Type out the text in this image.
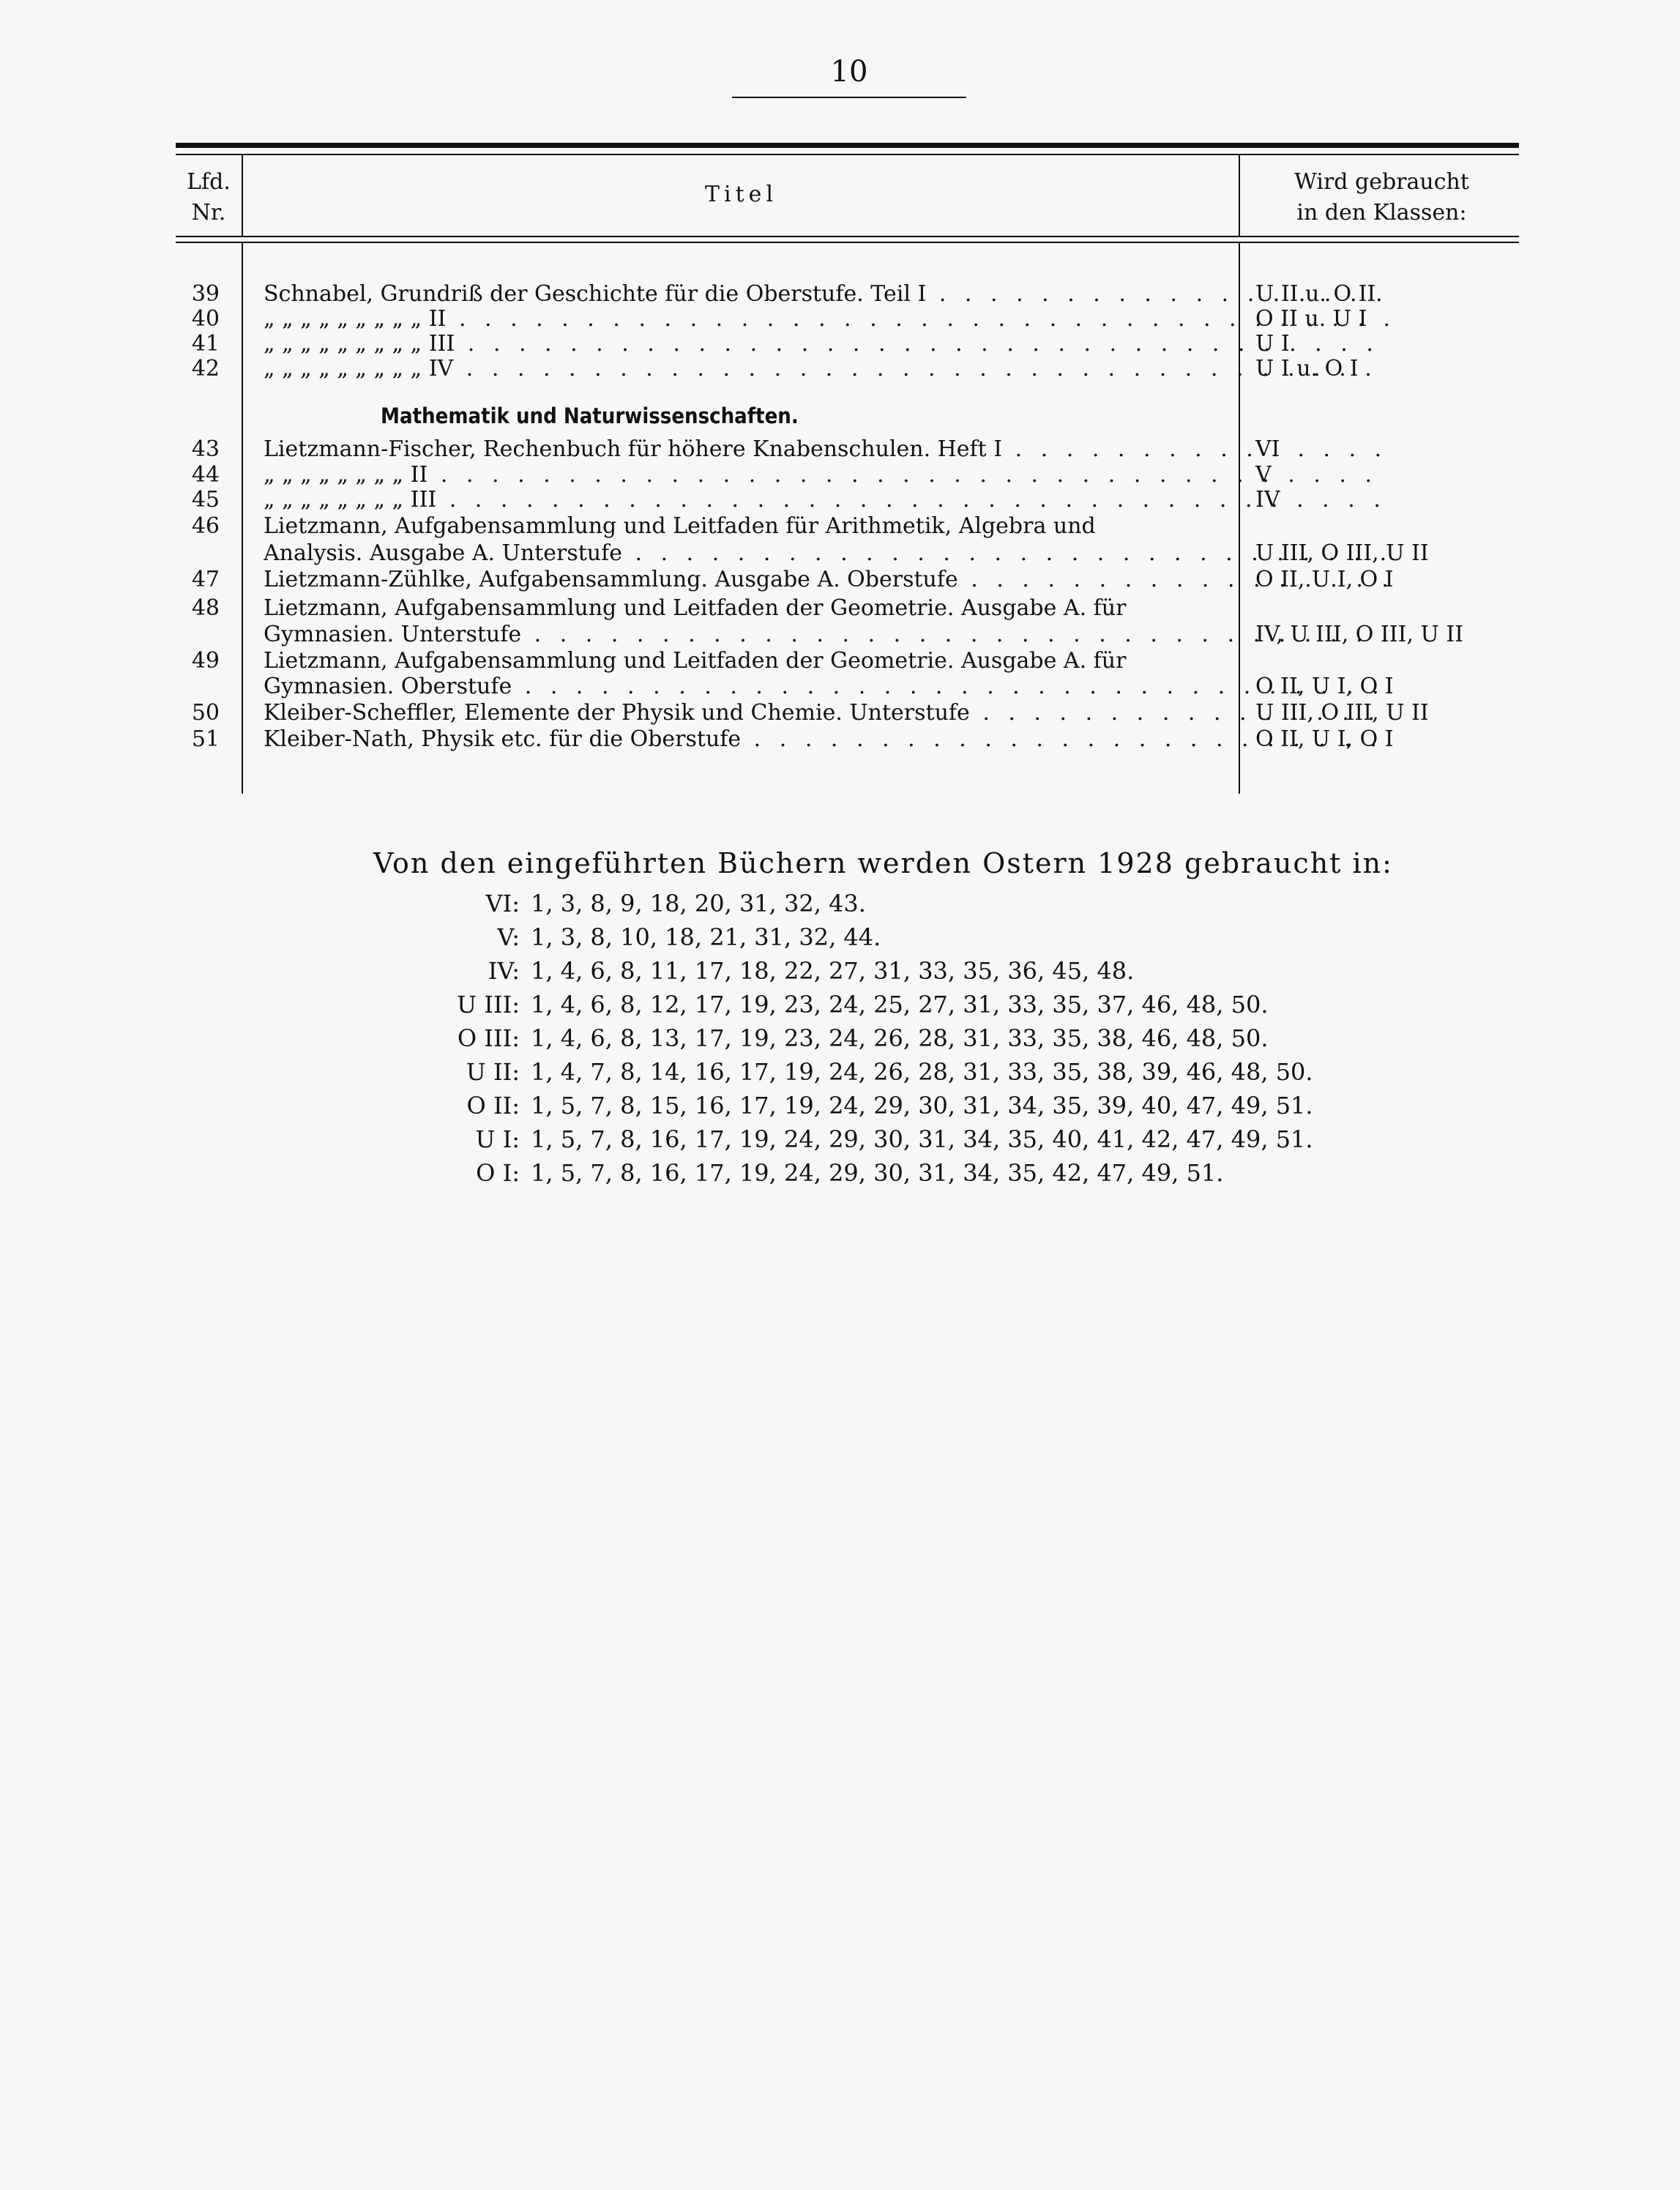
10
Lfd.
Nr.
Titel	Wird gebraucht
in den Klassen:
39 Schnabel, Grundriß der Geschichte für die Oberstufe. Teil I . . .	U II u. O II
40 „ „ „ „ „ „ „ „ „ II . . .	O II u. U I
41 „ „ „ „ „ „ „ „ „ III . . .	U I
42 „ „ „ „ „ „ „ „ „ IV . . .	U I u. O I
Mathematik und Naturwissenschaften.
43 Lietzmann-Fischer, Rechenbuch für höhere Knabenschulen. Heft I . . .	VI
44 „ „ „ „ „ „ „ „ II . . .	V
45 „ „ „ „ „ „ „ „ III . . .	IV
46 Lietzmann, Aufgabensammlung und Leitfaden für Arithmetik, Algebra und
Analysis. Ausgabe A. Unterstufe . . .	U III, O III, U II
47 Lietzmann-Zühlke, Aufgabensammlung. Ausgabe A. Oberstufe . . .	O II, U I, O I
48 Lietzmann, Aufgabensammlung und Leitfaden der Geometrie. Ausgabe A. für
Gymnasien. Unterstufe . . .	IV, U III, O III, U II
49 Lietzmann, Aufgabensammlung und Leitfaden der Geometrie. Ausgabe A. für
Gymnasien. Oberstufe . . .	O II, U I, O I
50 Kleiber-Scheffler, Elemente der Physik und Chemie. Unterstufe . . .	U III, O III, U II
51 Kleiber-Nath, Physik etc. für die Oberstufe . . .	O II, U I, O I
Von den eingeführten Büchern werden Ostern 1928 gebraucht in:
VI: 1, 3, 8, 9, 18, 20, 31, 32, 43.
V: 1, 3, 8, 10, 18, 21, 31, 32, 44.
IV: 1, 4, 6, 8, 11, 17, 18, 22, 27, 31, 33, 35, 36, 45, 48.
U III: 1, 4, 6, 8, 12, 17, 19, 23, 24, 25, 27, 31, 33, 35, 37, 46, 48, 50.
O III: 1, 4, 6, 8, 13, 17, 19, 23, 24, 26, 28, 31, 33, 35, 38, 46, 48, 50.
U II: 1, 4, 7, 8, 14, 16, 17, 19, 24, 26, 28, 31, 33, 35, 38, 39, 46, 48, 50.
O II: 1, 5, 7, 8, 15, 16, 17, 19, 24, 29, 30, 31, 34, 35, 39, 40, 47, 49, 51.
U I: 1, 5, 7, 8, 16, 17, 19, 24, 29, 30, 31, 34, 35, 40, 41, 42, 47, 49, 51.
O I: 1, 5, 7, 8, 16, 17, 19, 24, 29, 30, 31, 34, 35, 42, 47, 49, 51.
